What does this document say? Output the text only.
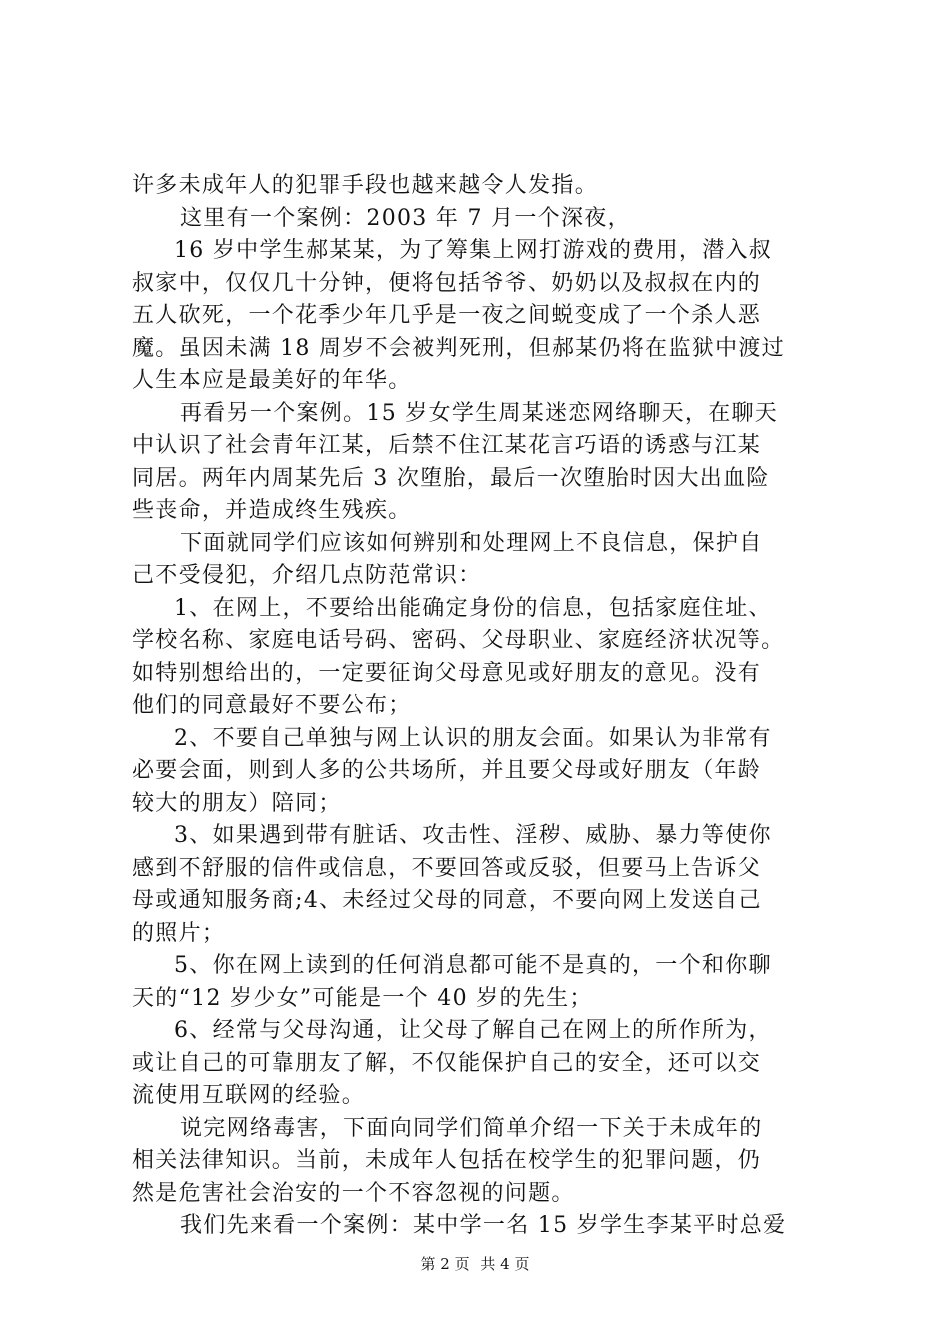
许多未成年人的犯罪手段也越来越令人发指。
这里有一个案例：2003 年 7 月一个深夜，
16 岁中学生郝某某，为了筹集上网打游戏的费用，潜入叔
叔家中，仅仅几十分钟，便将包括爷爷、奶奶以及叔叔在内的
五人砍死，一个花季少年几乎是一夜之间蜕变成了一个杀人恶
魔。虽因未满 18 周岁不会被判死刑，但郝某仍将在监狱中渡过
人生本应是最美好的年华。
再看另一个案例。15 岁女学生周某迷恋网络聊天，在聊天
中认识了社会青年江某，后禁不住江某花言巧语的诱惑与江某
同居。两年内周某先后 3 次堕胎，最后一次堕胎时因大出血险
些丧命，并造成终生残疾。
下面就同学们应该如何辨别和处理网上不良信息，保护自
己不受侵犯，介绍几点防范常识：
1、在网上，不要给出能确定身份的信息，包括家庭住址、
学校名称、家庭电话号码、密码、父母职业、家庭经济状况等。
如特别想给出的，一定要征询父母意见或好朋友的意见。没有
他们的同意最好不要公布；
2、不要自己单独与网上认识的朋友会面。如果认为非常有
必要会面，则到人多的公共场所，并且要父母或好朋友（年龄
较大的朋友）陪同；
3、如果遇到带有脏话、攻击性、淫秽、威胁、暴力等使你
感到不舒服的信件或信息，不要回答或反驳，但要马上告诉父
母或通知服务商;4、未经过父母的同意，不要向网上发送自己
的照片；
5、你在网上读到的任何消息都可能不是真的，一个和你聊
天的“12 岁少女”可能是一个 40 岁的先生；
6、经常与父母沟通，让父母了解自己在网上的所作所为，
或让自己的可靠朋友了解，不仅能保护自己的安全，还可以交
流使用互联网的经验。
说完网络毒害，下面向同学们简单介绍一下关于未成年的
相关法律知识。当前，未成年人包括在校学生的犯罪问题，仍
然是危害社会治安的一个不容忽视的问题。
我们先来看一个案例：某中学一名 15 岁学生李某平时总爱
第 2 页 共 4 页
